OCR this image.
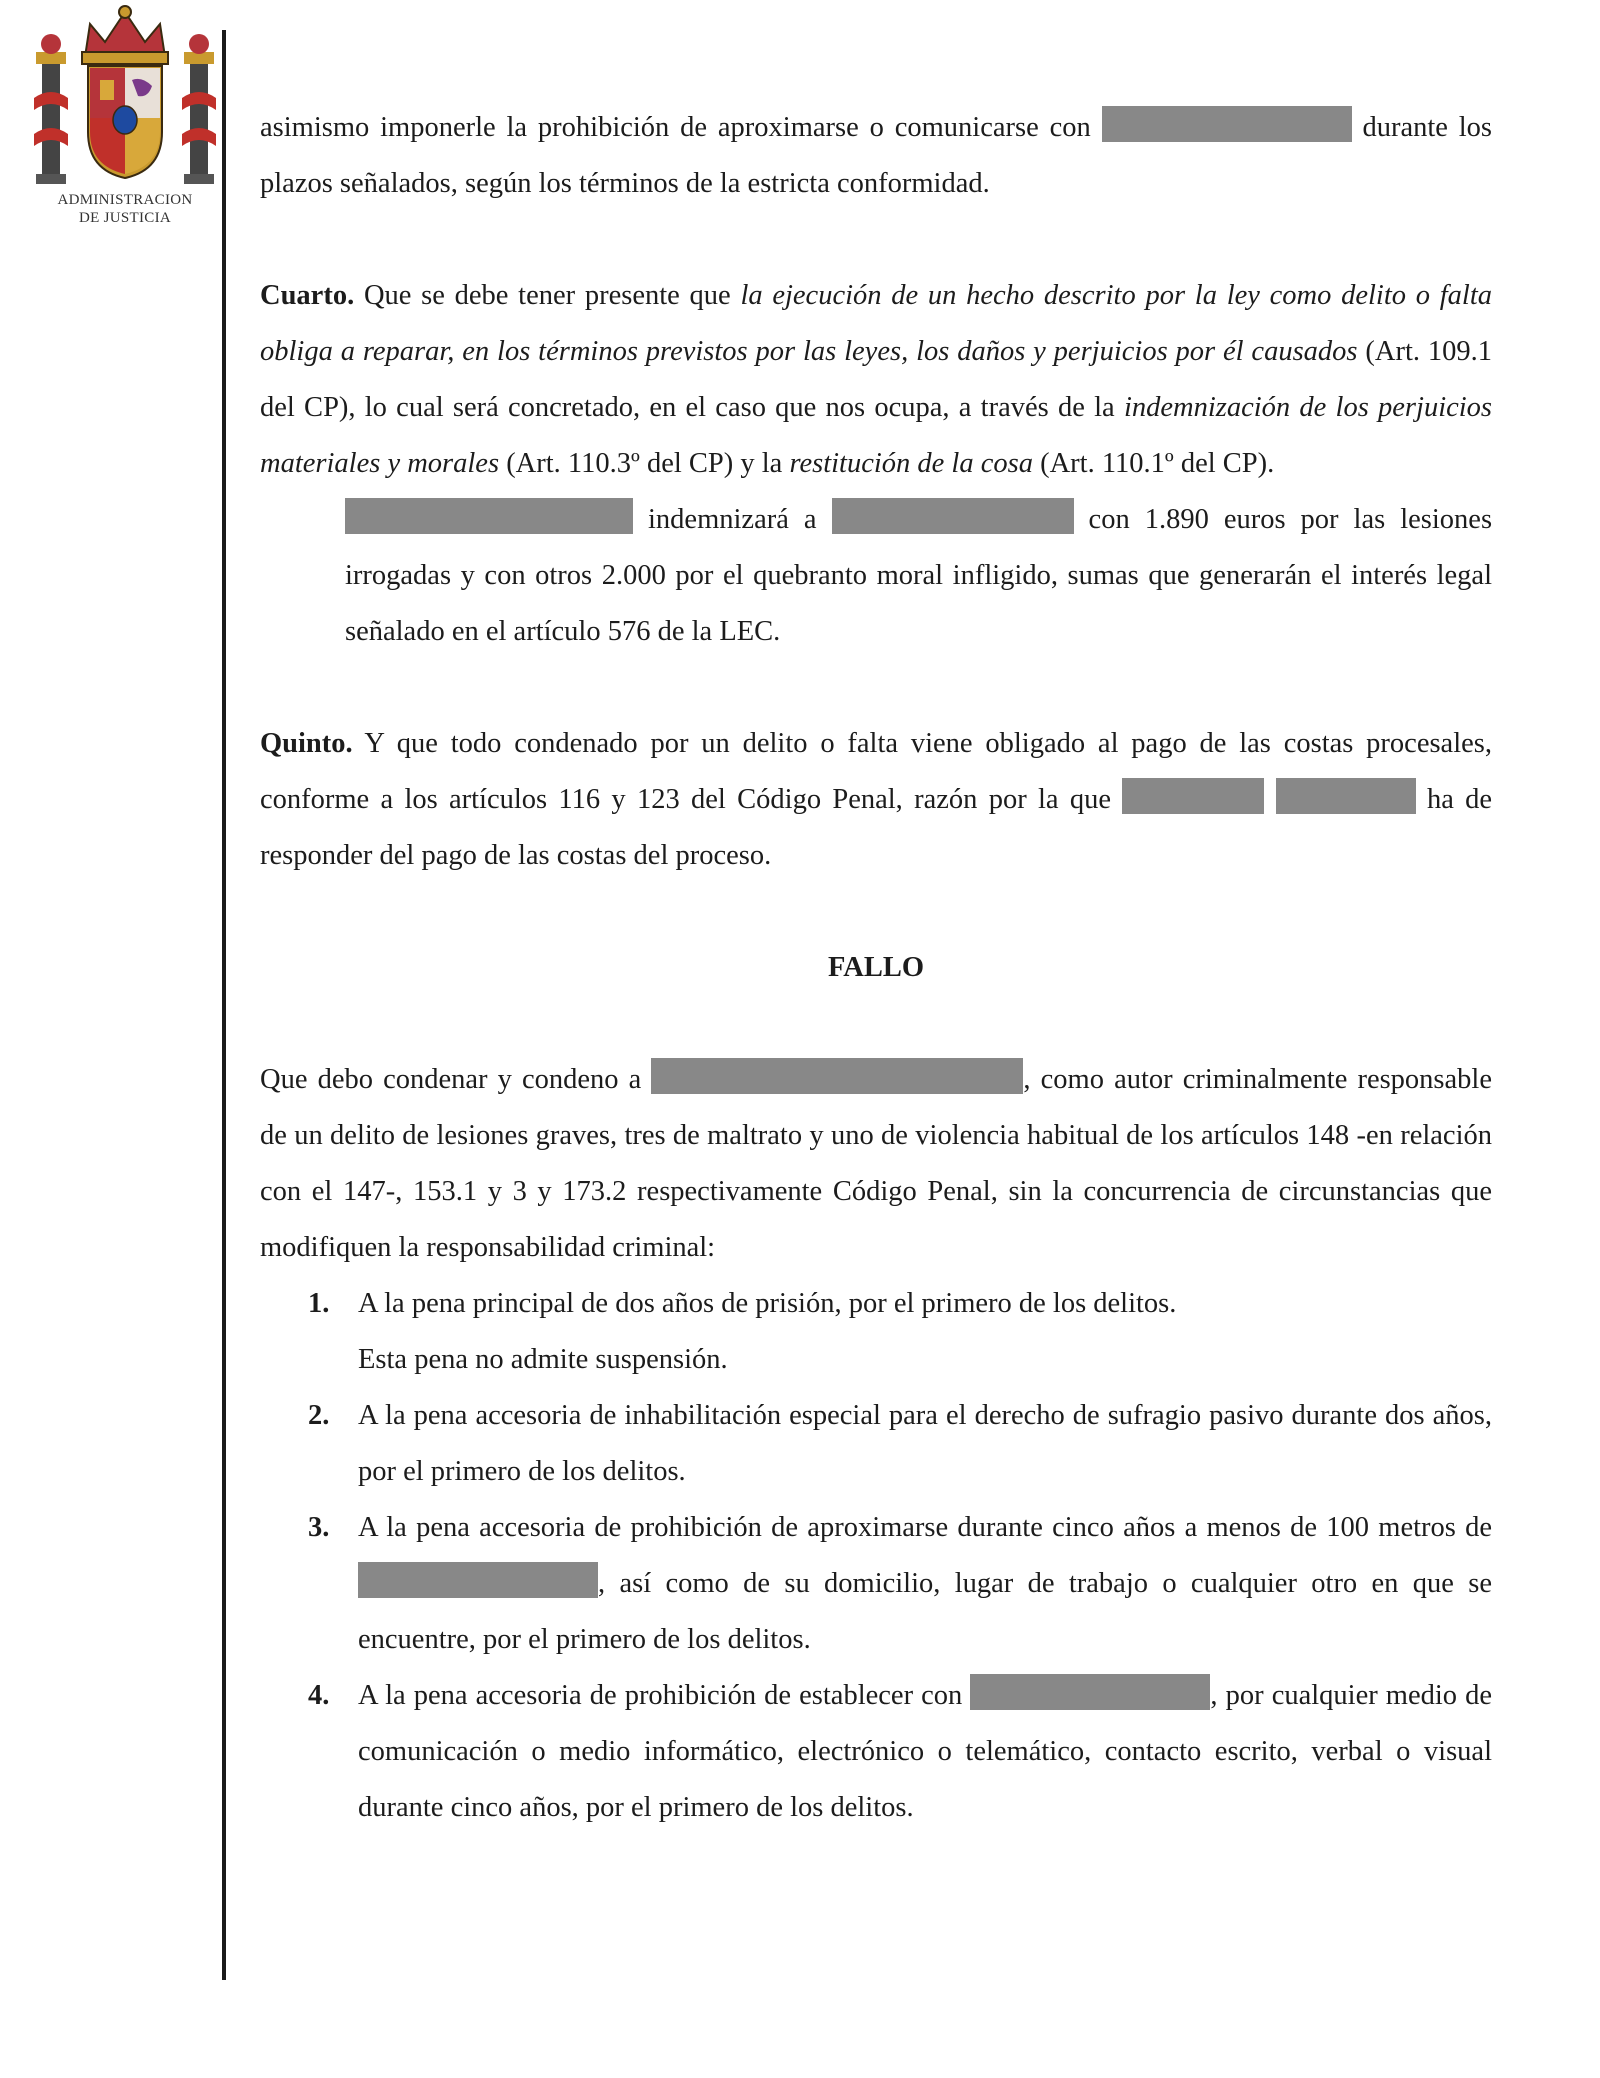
ADMINISTRACION
DE JUSTICIA

asimismo imponerle la prohibición de aproximarse o comunicarse con	durante los plazos señalados, según los términos de la estricta conformidad.

Cuarto. Que se debe tener presente que la ejecución de un hecho descrito por la ley como delito o falta obliga a reparar, en los términos previstos por las leyes, los daños y perjuicios por él causados (Art. 109.1 del CP), lo cual será concretado, en el caso que nos ocupa, a través de la indemnización de los perjuicios materiales y morales (Art. 110.3º del CP) y la restitución de la cosa (Art. 110.1º del CP).

indemnizará a	con 1.890 euros por las lesiones irrogadas y con otros 2.000 por el quebranto moral infligido, sumas que generarán el interés legal señalado en el artículo 576 de la LEC.

Quinto. Y que todo condenado por un delito o falta viene obligado al pago de las costas procesales, conforme a los artículos 116 y 123 del Código Penal, razón por la que	ha de responder del pago de las costas del proceso.

FALLO

Que debo condenar y condeno a	, como autor criminalmente responsable de un delito de lesiones graves, tres de maltrato y uno de violencia habitual de los artículos 148 -en relación con el 147-, 153.1 y 3 y 173.2 respectivamente Código Penal, sin la concurrencia de circunstancias que modifiquen la responsabilidad criminal:

1. A la pena principal de dos años de prisión, por el primero de los delitos.
Esta pena no admite suspensión.
2. A la pena accesoria de inhabilitación especial para el derecho de sufragio pasivo durante dos años, por el primero de los delitos.
3. A la pena accesoria de prohibición de aproximarse durante cinco años a menos de 100 metros de , así como de su domicilio, lugar de trabajo o cualquier otro en que se encuentre, por el primero de los delitos.
4. A la pena accesoria de prohibición de establecer con	, por cualquier medio de comunicación o medio informático, electrónico o telemático, contacto escrito, verbal o visual durante cinco años, por el primero de los delitos.
